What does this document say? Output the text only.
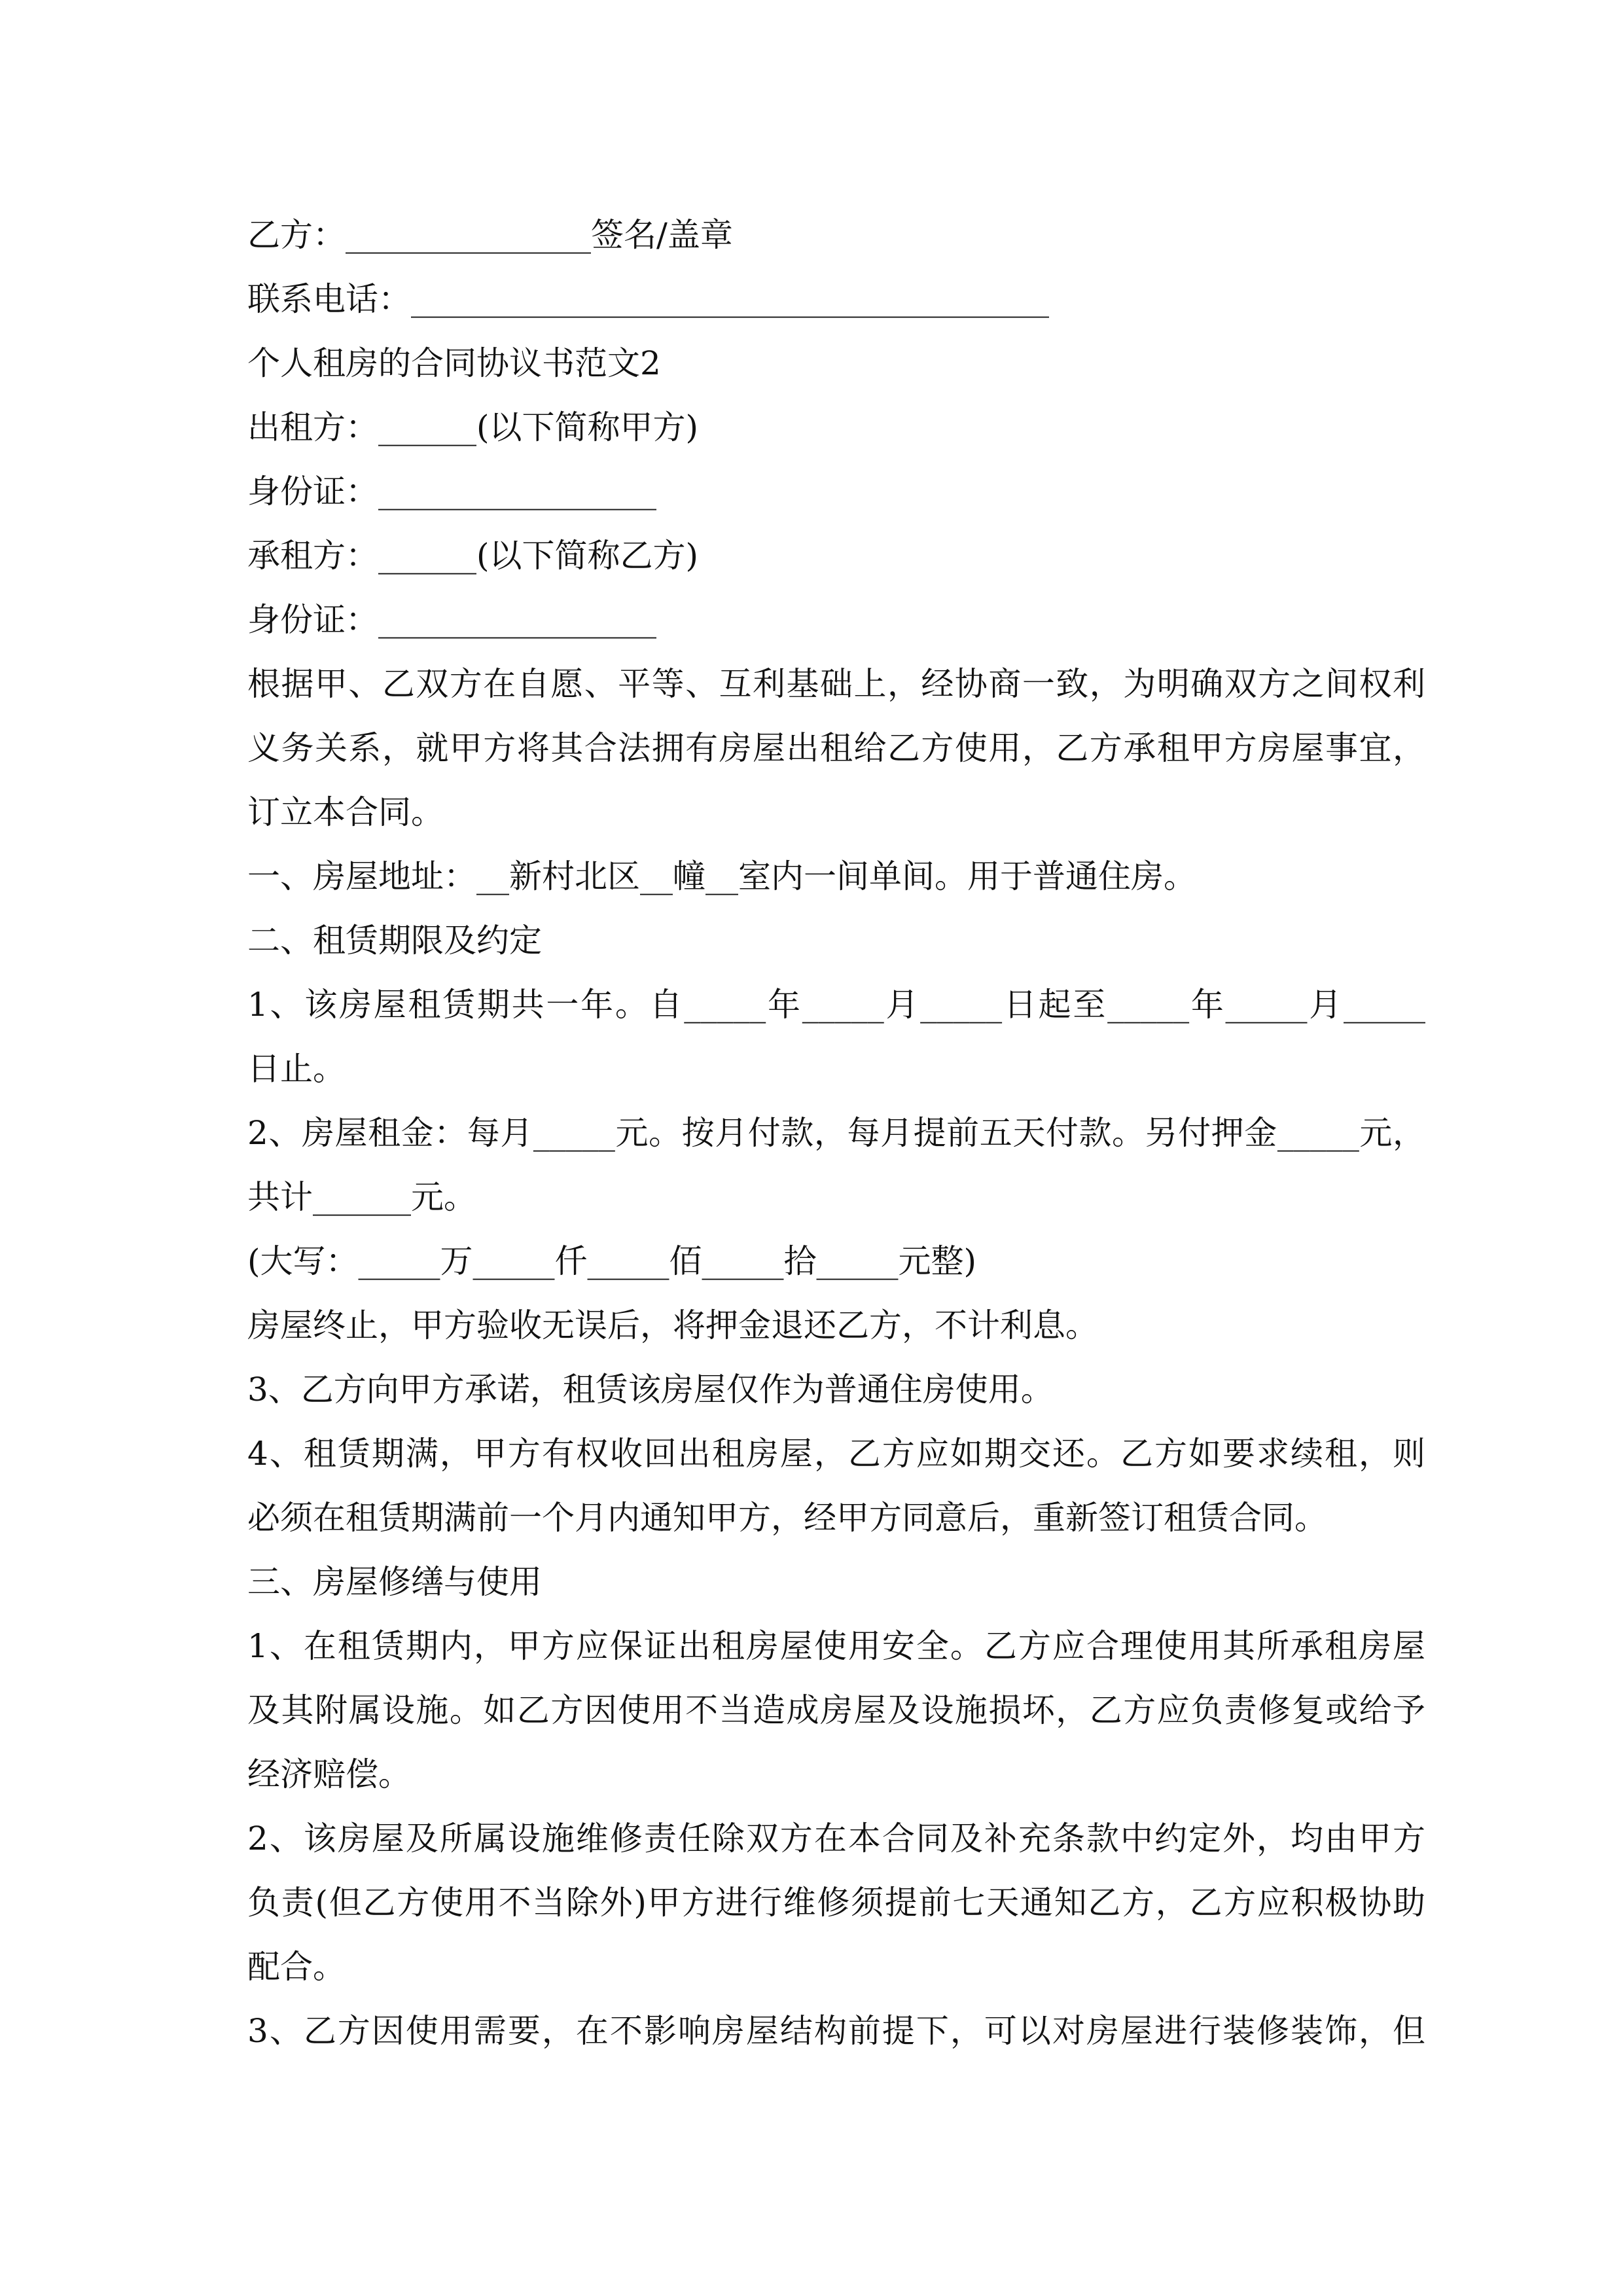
乙方：_______________签名/盖章
联系电话：_______________________________________
个人租房的合同协议书范文2
出租方：______(以下简称甲方)
身份证：_________________
承租方：______(以下简称乙方)
身份证：_________________
根据甲、乙双方在自愿、平等、互利基础上，经协商一致，为明确双方之间权利
义务关系，就甲方将其合法拥有房屋出租给乙方使用，乙方承租甲方房屋事宜，
订立本合同。
一、房屋地址：__新村北区__幢__室内一间单间。用于普通住房。
二、租赁期限及约定
1、该房屋租赁期共一年。自_____年_____月_____日起至_____年_____月_____
日止。
2、房屋租金：每月_____元。按月付款，每月提前五天付款。另付押金_____元，
共计______元。
(大写：_____万_____仟_____佰_____拾_____元整)
房屋终止，甲方验收无误后，将押金退还乙方，不计利息。
3、乙方向甲方承诺，租赁该房屋仅作为普通住房使用。
4、租赁期满，甲方有权收回出租房屋，乙方应如期交还。乙方如要求续租，则
必须在租赁期满前一个月内通知甲方，经甲方同意后，重新签订租赁合同。
三、房屋修缮与使用
1、在租赁期内，甲方应保证出租房屋使用安全。乙方应合理使用其所承租房屋
及其附属设施。如乙方因使用不当造成房屋及设施损坏，乙方应负责修复或给予
经济赔偿。
2、该房屋及所属设施维修责任除双方在本合同及补充条款中约定外，均由甲方
负责(但乙方使用不当除外)甲方进行维修须提前七天通知乙方，乙方应积极协助
配合。
3、乙方因使用需要，在不影响房屋结构前提下，可以对房屋进行装修装饰，但
